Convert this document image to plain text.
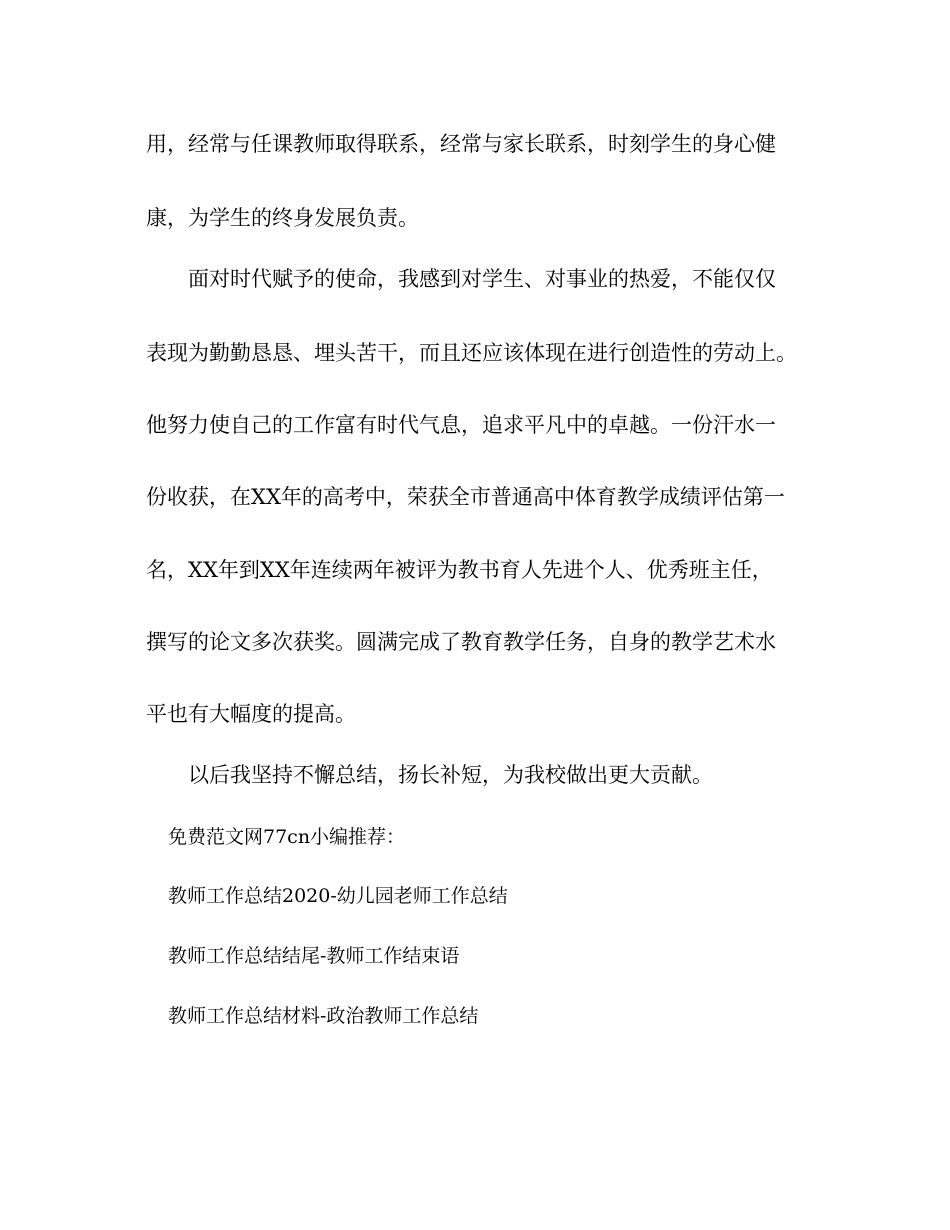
用，经常与任课教师取得联系，经常与家长联系，时刻学生的身心健
康，为学生的终身发展负责。
面对时代赋予的使命，我感到对学生、对事业的热爱，不能仅仅
表现为勤勤恳恳、埋头苦干，而且还应该体现在进行创造性的劳动上。
他努力使自己的工作富有时代气息，追求平凡中的卓越。一份汗水一
份收获，在XX年的高考中，荣获全市普通高中体育教学成绩评估第一
名，XX年到XX年连续两年被评为教书育人先进个人、优秀班主任，
撰写的论文多次获奖。圆满完成了教育教学任务，自身的教学艺术水
平也有大幅度的提高。
以后我坚持不懈总结，扬长补短，为我校做出更大贡献。
免费范文网77cn小编推荐：
教师工作总结2020-幼儿园老师工作总结
教师工作总结结尾-教师工作结束语
教师工作总结材料-政治教师工作总结
